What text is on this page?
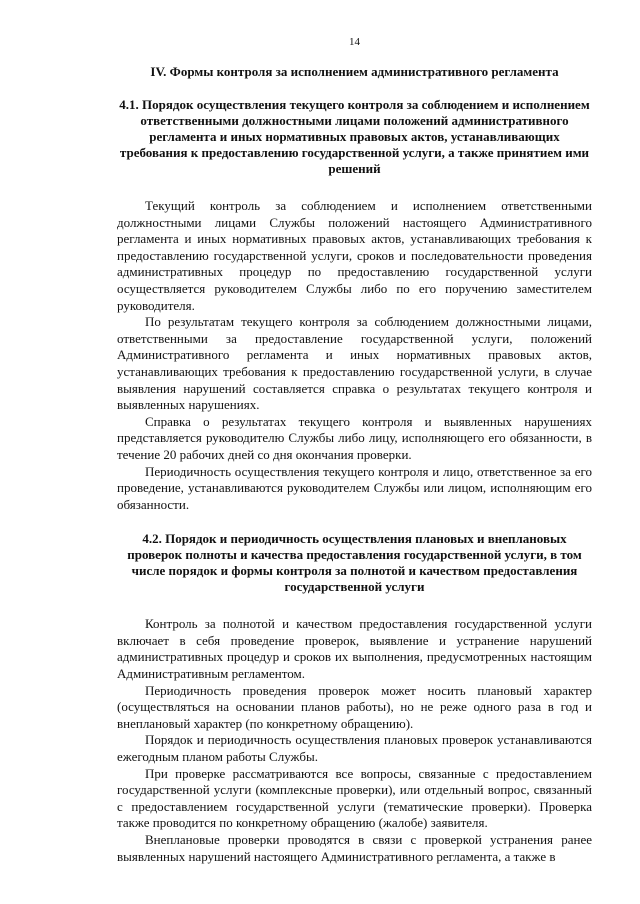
14
IV. Формы контроля за исполнением административного регламента
4.1. Порядок осуществления текущего контроля за соблюдением и исполнением ответственными должностными лицами положений административного регламента и иных нормативных правовых актов, устанавливающих требования к предоставлению государственной услуги, а также принятием ими решений

Текущий контроль за соблюдением и исполнением ответственными должностными лицами Службы положений настоящего Административного регламента и иных нормативных правовых актов, устанавливающих требования к предоставлению государственной услуги, сроков и последовательности проведения административных процедур по предоставлению государственной услуги осуществляется руководителем Службы либо по его поручению заместителем руководителя.

По результатам текущего контроля за соблюдением должностными лицами, ответственными за предоставление государственной услуги, положений Административного регламента и иных нормативных правовых актов, устанавливающих требования к предоставлению государственной услуги, в случае выявления нарушений составляется справка о результатах текущего контроля и выявленных нарушениях.

Справка о результатах текущего контроля и выявленных нарушениях представляется руководителю Службы либо лицу, исполняющего его обязанности, в течение 20 рабочих дней со дня окончания проверки.

Периодичность осуществления текущего контроля и лицо, ответственное за его проведение, устанавливаются руководителем Службы или лицом, исполняющим его обязанности.

4.2. Порядок и периодичность осуществления плановых и внеплановых проверок полноты и качества предоставления государственной услуги, в том числе порядок и формы контроля за полнотой и качеством предоставления государственной услуги

Контроль за полнотой и качеством предоставления государственной услуги включает в себя проведение проверок, выявление и устранение нарушений административных процедур и сроков их выполнения, предусмотренных настоящим Административным регламентом.

Периодичность проведения проверок может носить плановый характер (осуществляться на основании планов работы), но не реже одного раза в год и внеплановый характер (по конкретному обращению).

Порядок и периодичность осуществления плановых проверок устанавливаются ежегодным планом работы Службы.

При проверке рассматриваются все вопросы, связанные с предоставлением государственной услуги (комплексные проверки), или отдельный вопрос, связанный с предоставлением государственной услуги (тематические проверки). Проверка также проводится по конкретному обращению (жалобе) заявителя.

Внеплановые проверки проводятся в связи с проверкой устранения ранее выявленных нарушений настоящего Административного регламента, а также в
